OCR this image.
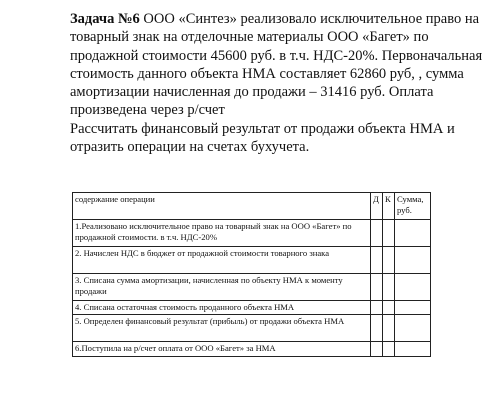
Задача №6 ООО «Синтез» реализовало исключительное право на товарный знак на отделочные материалы ООО «Багет» по продажной стоимости 45600 руб. в т.ч. НДС-20%. Первоначальная стоимость данного объекта НМА составляет 62860 руб, , сумма амортизации начисленная до продажи – 31416 руб. Оплата произведена через р/счет

Рассчитать финансовый результат от продажи объекта НМА и отразить операции на счетах бухучета.

содержание операции	Д	К	Сумма, руб.
1.Реализовано исключительное право на товарный знак на ООО «Багет» по продажной стоимости. в т.ч. НДС-20%			
2. Начислен НДС в бюджет от продажной стоимости товарного знака			
3. Списана сумма амортизации, начисленная по объекту НМА к моменту продажи			
4. Списана остаточная стоимость проданного объекта НМА			
5. Определен финансовый результат (прибыль) от продажи объекта НМА			
6.Поступила на р/счет оплата от ООО «Багет» за НМА			
